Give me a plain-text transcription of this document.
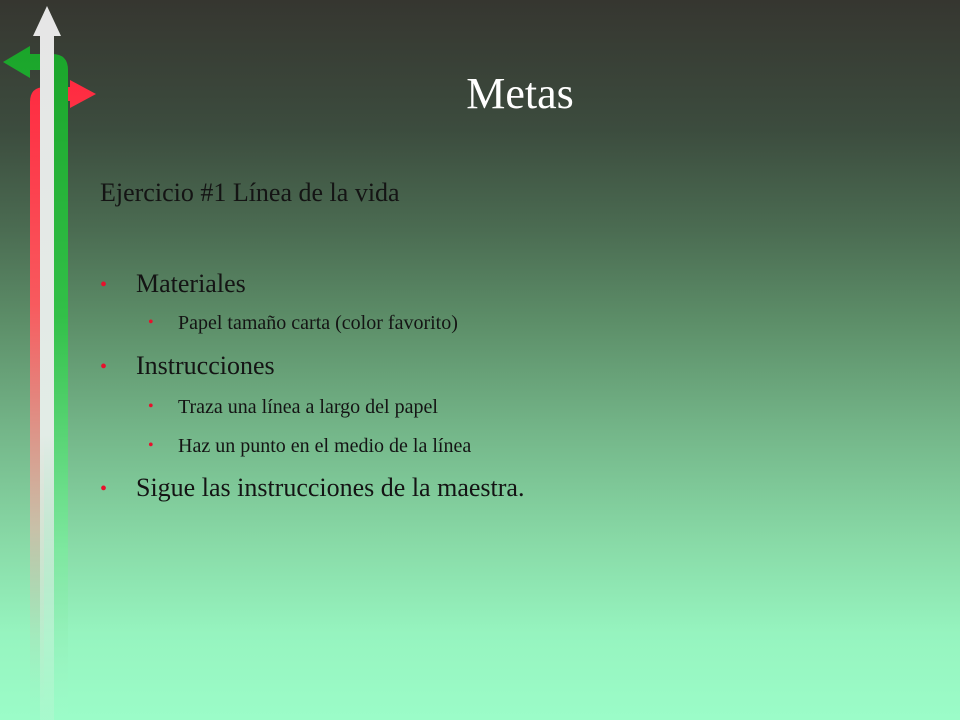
Metas
Ejercicio #1 Línea de la vida
• Materiales
• Papel tamaño carta (color favorito)
• Instrucciones
• Traza una línea a largo del papel
• Haz un punto en el medio de la línea
• Sigue las instrucciones de la maestra.
